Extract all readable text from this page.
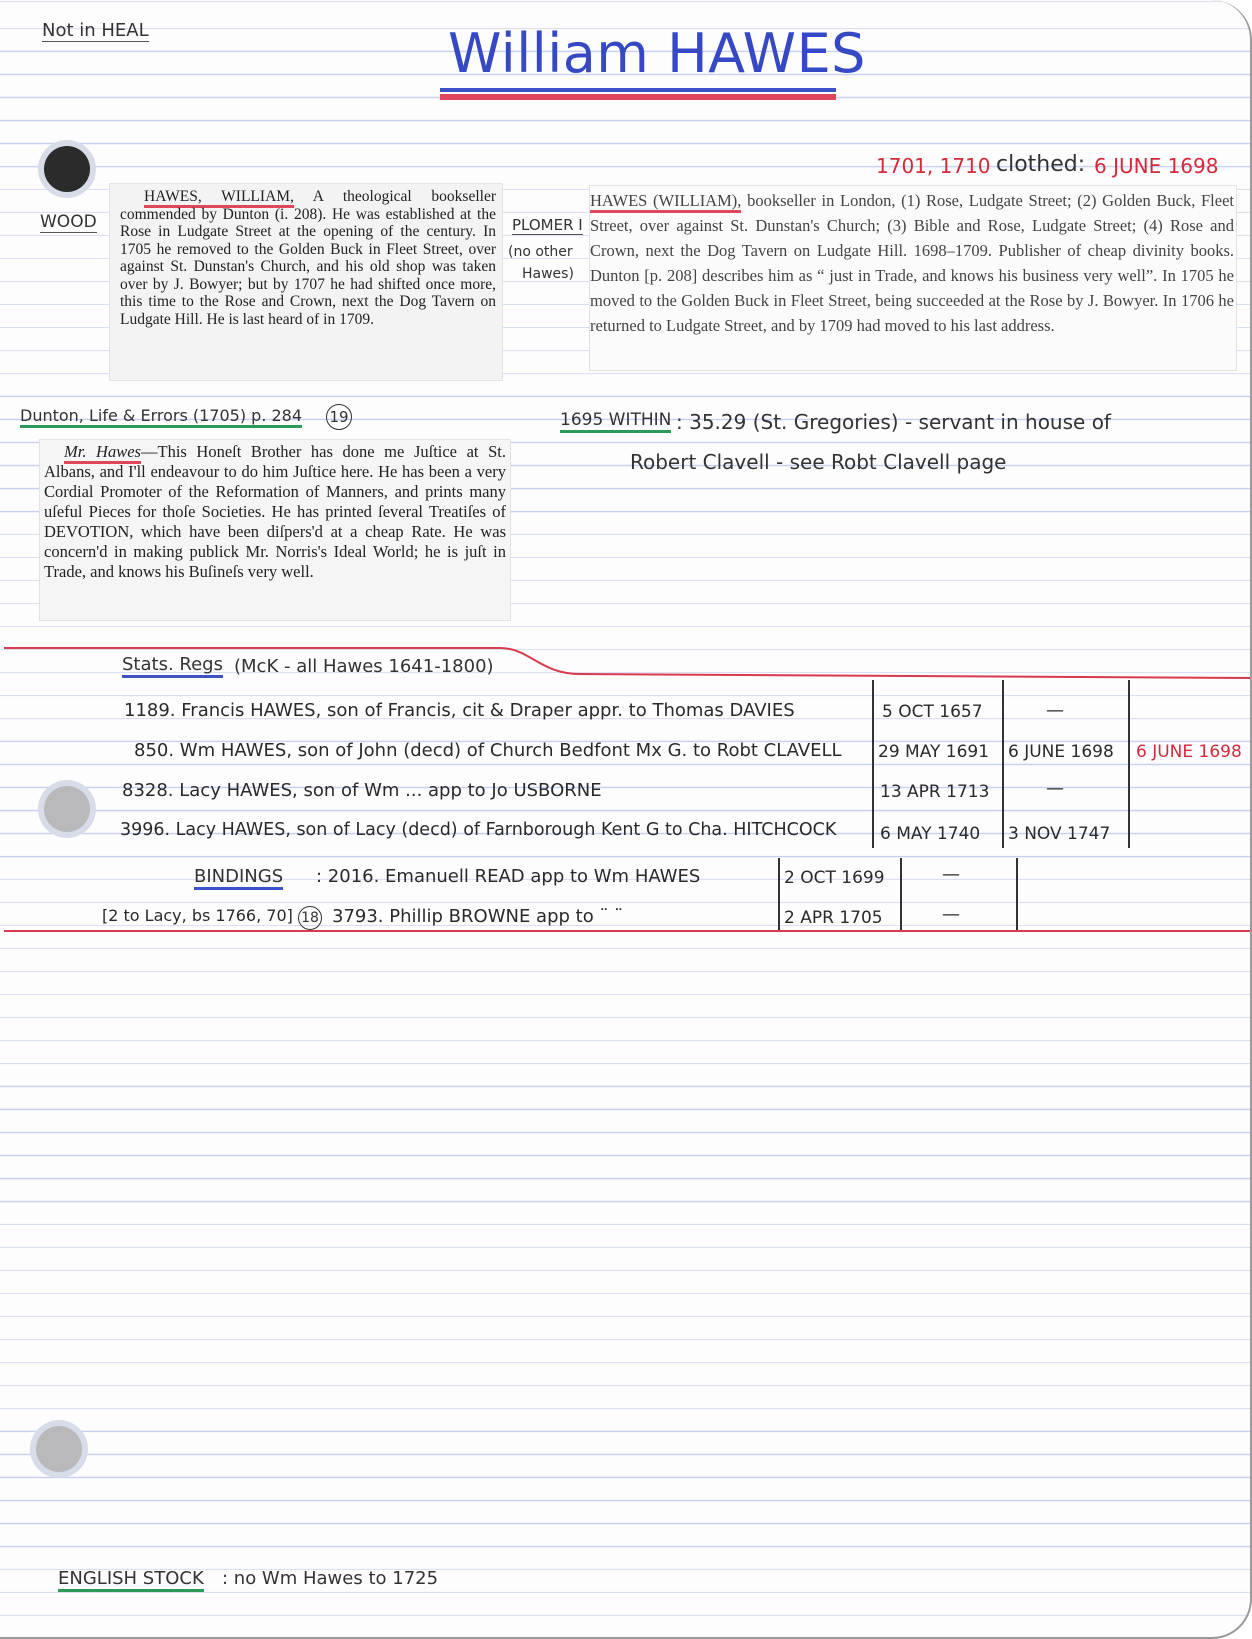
Not in HEAL	William HAWES
1701, 1710 clothed: 6 JUNE 1698
WOOD
HAWES, WILLIAM, A theological bookseller commended by Dunton (i. 208). He was established at the Rose in Ludgate Street at the opening of the century. In 1705 he removed to the Golden Buck in Fleet Street, over against St. Dunstan's Church, and his old shop was taken over by J. Bowyer; but by 1707 he had shifted once more, this time to the Rose and Crown, next the Dog Tavern on Ludgate Hill. He is last heard of in 1709.
PLOMER I
(no other
Hawes)
HAWES (WILLIAM), bookseller in London, (1) Rose, Ludgate Street; (2) Golden Buck, Fleet Street, over against St. Dunstan's Church; (3) Bible and Rose, Ludgate Street; (4) Rose and Crown, next the Dog Tavern on Ludgate Hill. 1698–1709. Publisher of cheap divinity books. Dunton [p. 208] describes him as “ just in Trade, and knows his business very well”. In 1705 he moved to the Golden Buck in Fleet Street, being succeeded at the Rose by J. Bowyer. In 1706 he returned to Ludgate Street, and by 1709 had moved to his last address.
Dunton, Life & Errors (1705) p. 284 19
Mr. Hawes—This Honeſt Brother has done me Juſtice at St. Albans, and I'll endeavour to do him Juſtice here. He has been a very Cordial Promoter of the Reformation of Manners, and prints many uſeful Pieces for thoſe Societies. He has printed ſeveral Treatiſes of DEVOTION, which have been diſpers'd at a cheap Rate. He was concern'd in making publick Mr. Norris's Ideal World; he is juſt in Trade, and knows his Buſineſs very well.
1695 WITHIN : 35.29 (St. Gregories) - servant in house of
Robert Clavell - see Robt Clavell page
Stats. Regs (McK - all Hawes 1641-1800)
1189. Francis HAWES, son of Francis, cit & Draper appr. to Thomas DAVIES	5 OCT 1657	—
850. Wm HAWES, son of John (decd) of Church Bedfont Mx G. to Robt CLAVELL 29 MAY 1691 6 JUNE 1698 6 JUNE 1698
8328. Lacy HAWES, son of Wm ... app to Jo USBORNE	13 APR 1713	—
3996. Lacy HAWES, son of Lacy (decd) of Farnborough Kent G to Cha. HITCHCOCK	6 MAY 1740 3 NOV 1747
BINDINGS : 2016. Emanuell READ app to Wm HAWES	2 OCT 1699	—
[2 to Lacy, bs 1766, 70] 18 3793. Phillip BROWNE app to ¨ ¨	2 APR 1705	—
ENGLISH STOCK : no Wm Hawes to 1725
